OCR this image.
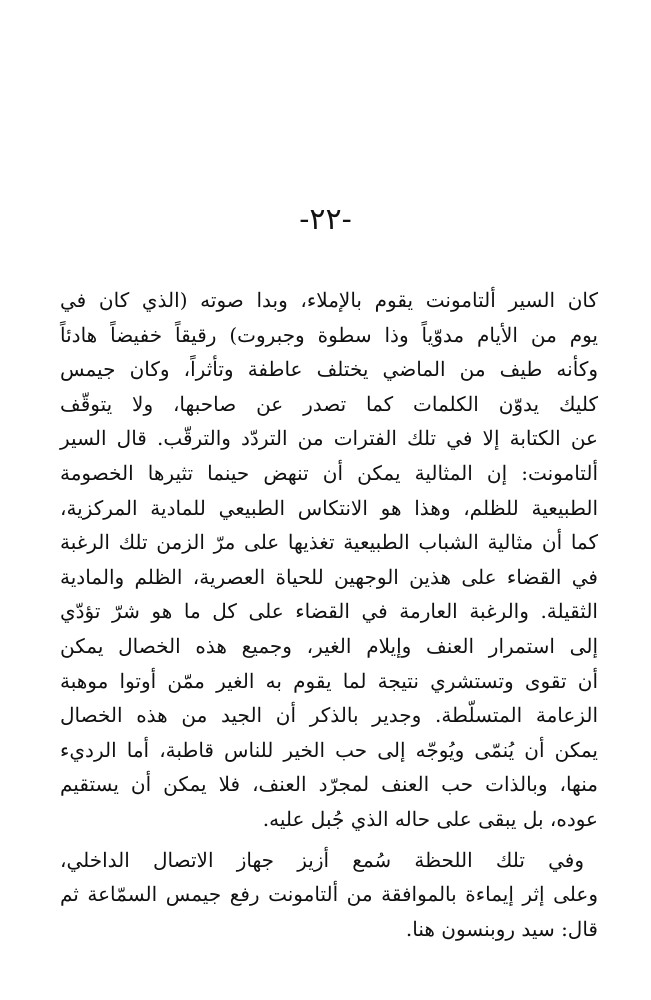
-٢٢-
كان السير ألتامونت يقوم بالإملاء، وبدا صوته (الذي كان في
يوم من الأيام مدوّياً وذا سطوة وجبروت) رقيقاً خفيضاً هادئاً
وكأنه طيف من الماضي يختلف عاطفة وتأثراً، وكان جيمس
كليك يدوّن الكلمات كما تصدر عن صاحبها، ولا يتوقّف
عن الكتابة إلا في تلك الفترات من التردّد والترقّب. قال السير
ألتامونت: إن المثالية يمكن أن تنهض حينما تثيرها الخصومة
الطبيعية للظلم، وهذا هو الانتكاس الطبيعي للمادية المركزية،
كما أن مثالية الشباب الطبيعية تغذيها على مرّ الزمن تلك الرغبة
في القضاء على هذين الوجهين للحياة العصرية، الظلم والمادية
الثقيلة. والرغبة العارمة في القضاء على كل ما هو شرّ تؤدّي
إلى استمرار العنف وإيلام الغير، وجميع هذه الخصال يمكن
أن تقوى وتستشري نتيجة لما يقوم به الغير ممّن أوتوا موهبة
الزعامة المتسلّطة. وجدير بالذكر أن الجيد من هذه الخصال
يمكن أن يُنمّى ويُوجّه إلى حب الخير للناس قاطبة، أما الرديء
منها، وبالذات حب العنف لمجرّد العنف، فلا يمكن أن يستقيم
عوده، بل يبقى على حاله الذي جُبل عليه.
وفي تلك اللحظة سُمع أزيز جهاز الاتصال الداخلي،
وعلى إثر إيماءة بالموافقة من ألتامونت رفع جيمس السمّاعة ثم
قال: سيد روبنسون هنا.
